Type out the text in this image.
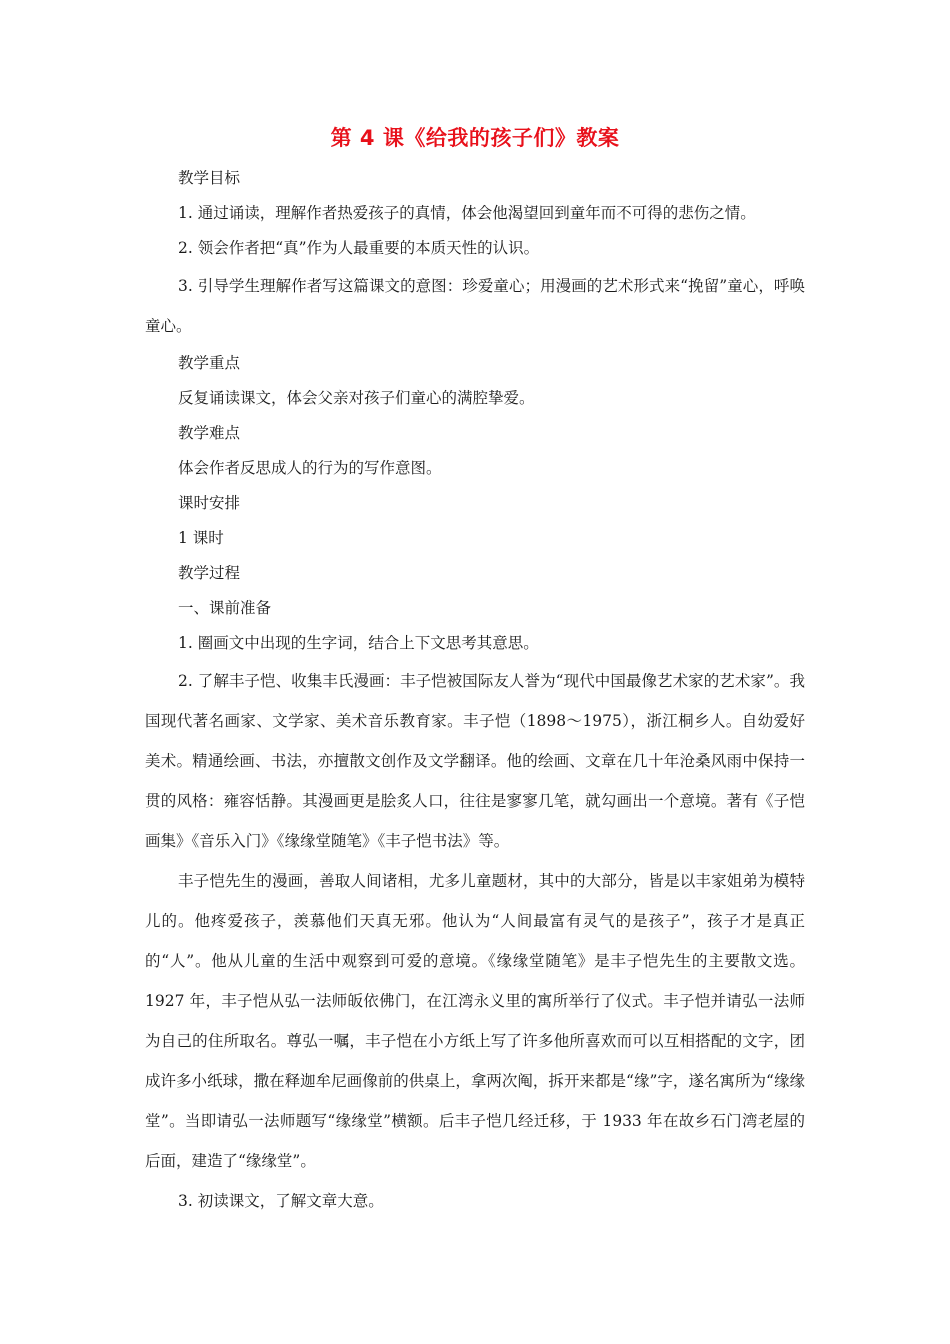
第 4 课《给我的孩子们》教案

教学目标

1. 通过诵读，理解作者热爱孩子的真情，体会他渴望回到童年而不可得的悲伤之情。

2. 领会作者把“真”作为人最重要的本质天性的认识。

3. 引导学生理解作者写这篇课文的意图：珍爱童心；用漫画的艺术形式来“挽留”童心，呼唤童心。

教学重点

反复诵读课文，体会父亲对孩子们童心的满腔挚爱。

教学难点

体会作者反思成人的行为的写作意图。

课时安排

1 课时

教学过程

一、课前准备

1. 圈画文中出现的生字词，结合上下文思考其意思。

2. 了解丰子恺、收集丰氏漫画：丰子恺被国际友人誉为“现代中国最像艺术家的艺术家”。我国现代著名画家、文学家、美术音乐教育家。丰子恺（1898～1975），浙江桐乡人。自幼爱好美术。精通绘画、书法，亦擅散文创作及文学翻译。他的绘画、文章在几十年沧桑风雨中保持一贯的风格：雍容恬静。其漫画更是脍炙人口，往往是寥寥几笔，就勾画出一个意境。著有《子恺画集》《音乐入门》《缘缘堂随笔》《丰子恺书法》等。

丰子恺先生的漫画，善取人间诸相，尤多儿童题材，其中的大部分，皆是以丰家姐弟为模特儿的。他疼爱孩子，羡慕他们天真无邪。他认为“人间最富有灵气的是孩子”，孩子才是真正的“人”。他从儿童的生活中观察到可爱的意境。《缘缘堂随笔》是丰子恺先生的主要散文选。1927 年，丰子恺从弘一法师皈依佛门，在江湾永义里的寓所举行了仪式。丰子恺并请弘一法师为自己的住所取名。尊弘一嘱，丰子恺在小方纸上写了许多他所喜欢而可以互相搭配的文字，团成许多小纸球，撒在释迦牟尼画像前的供桌上，拿两次阄，拆开来都是“缘”字，遂名寓所为“缘缘堂”。当即请弘一法师题写“缘缘堂”横额。后丰子恺几经迁移，于 1933 年在故乡石门湾老屋的后面，建造了“缘缘堂”。

3. 初读课文，了解文章大意。
